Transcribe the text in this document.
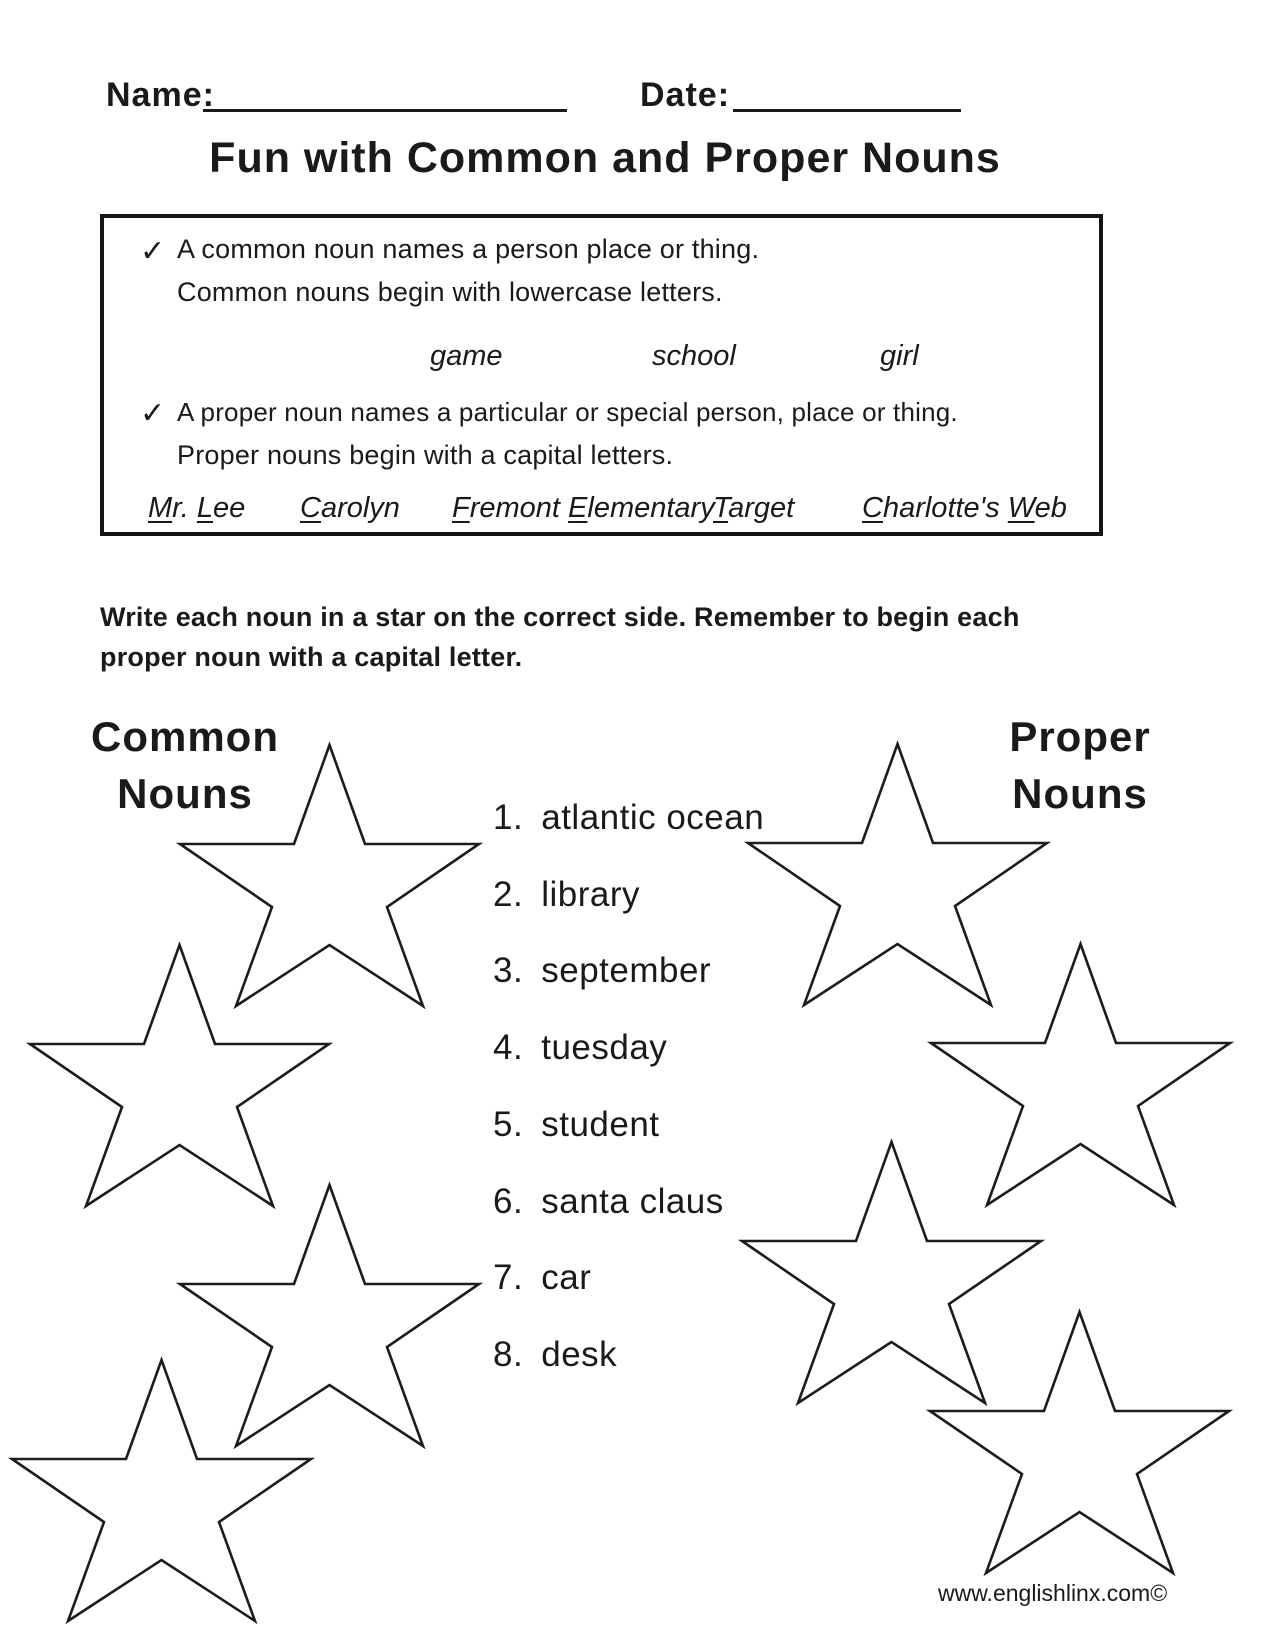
Name:	Date:
Fun with Common and Proper Nouns
✓ A common noun names a person place or thing.
Common nouns begin with lowercase letters.
game	school	girl
✓ A proper noun names a particular or special person, place or thing.
Proper nouns begin with a capital letters.
Mr. Lee Carolyn Fremont Elementary
Target Charlotte's Web
Write each noun in a star on the correct side. Remember to begin each
proper noun with a capital letter.
Common
Nouns
Proper
Nouns
1. atlantic ocean
2. library
3. september
4. tuesday
5. student
6. santa claus
7. car
8. desk
www.englishlinx.com©
